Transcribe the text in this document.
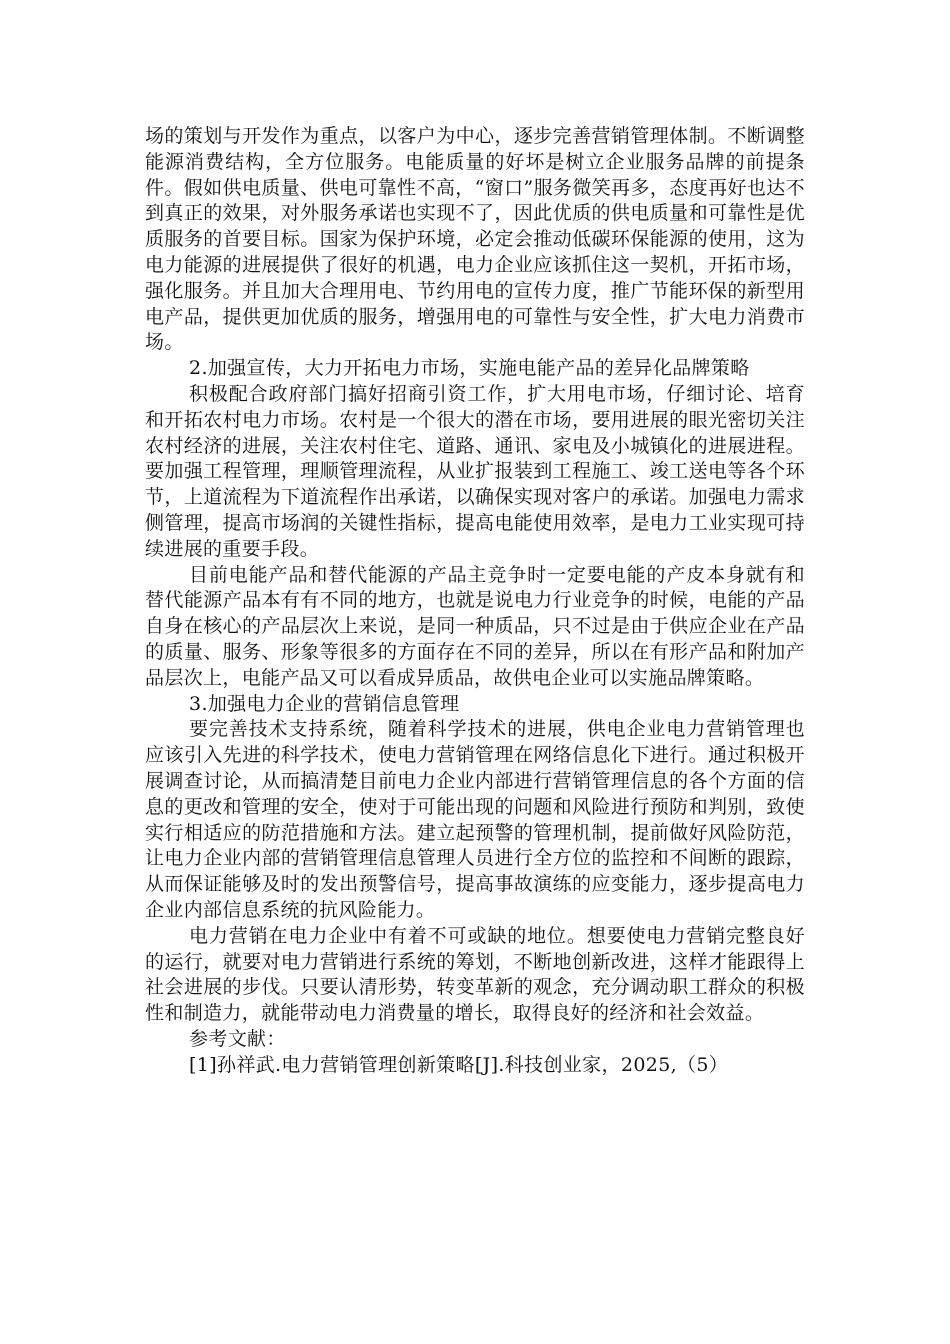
场的策划与开发作为重点，以客户为中心，逐步完善营销管理体制。不断调整能源消费结构，全方位服务。电能质量的好坏是树立企业服务品牌的前提条件。假如供电质量、供电可靠性不高，“窗口”服务微笑再多，态度再好也达不到真正的效果，对外服务承诺也实现不了，因此优质的供电质量和可靠性是优质服务的首要目标。国家为保护环境，必定会推动低碳环保能源的使用，这为电力能源的进展提供了很好的机遇，电力企业应该抓住这一契机，开拓市场，强化服务。并且加大合理用电、节约用电的宣传力度，推广节能环保的新型用电产品，提供更加优质的服务，增强用电的可靠性与安全性，扩大电力消费市场。

2.加强宣传，大力开拓电力市场，实施电能产品的差异化品牌策略

积极配合政府部门搞好招商引资工作，扩大用电市场，仔细讨论、培育和开拓农村电力市场。农村是一个很大的潜在市场，要用进展的眼光密切关注农村经济的进展，关注农村住宅、道路、通讯、家电及小城镇化的进展进程。要加强工程管理，理顺管理流程，从业扩报装到工程施工、竣工送电等各个环节，上道流程为下道流程作出承诺，以确保实现对客户的承诺。加强电力需求侧管理，提高市场润的关键性指标，提高电能使用效率，是电力工业实现可持续进展的重要手段。

目前电能产品和替代能源的产品主竞争时一定要电能的产皮本身就有和替代能源产品本有有不同的地方，也就是说电力行业竞争的时候，电能的产品自身在核心的产品层次上来说，是同一种质品，只不过是由于供应企业在产品的质量、服务、形象等很多的方面存在不同的差异，所以在有形产品和附加产品层次上，电能产品又可以看成异质品，故供电企业可以实施品牌策略。

3.加强电力企业的营销信息管理

要完善技术支持系统，随着科学技术的进展，供电企业电力营销管理也应该引入先进的科学技术，使电力营销管理在网络信息化下进行。通过积极开展调查讨论，从而搞清楚目前电力企业内部进行营销管理信息的各个方面的信息的更改和管理的安全，使对于可能出现的问题和风险进行预防和判别，致使实行相适应的防范措施和方法。建立起预警的管理机制，提前做好风险防范，让电力企业内部的营销管理信息管理人员进行全方位的监控和不间断的跟踪，从而保证能够及时的发出预警信号，提高事故演练的应变能力，逐步提高电力企业内部信息系统的抗风险能力。

电力营销在电力企业中有着不可或缺的地位。想要使电力营销完整良好的运行，就要对电力营销进行系统的筹划，不断地创新改进，这样才能跟得上社会进展的步伐。只要认清形势，转变革新的观念，充分调动职工群众的积极性和制造力，就能带动电力消费量的增长，取得良好的经济和社会效益。

参考文献：

[1]孙祥武.电力营销管理创新策略[J].科技创业家，2025,（5）
